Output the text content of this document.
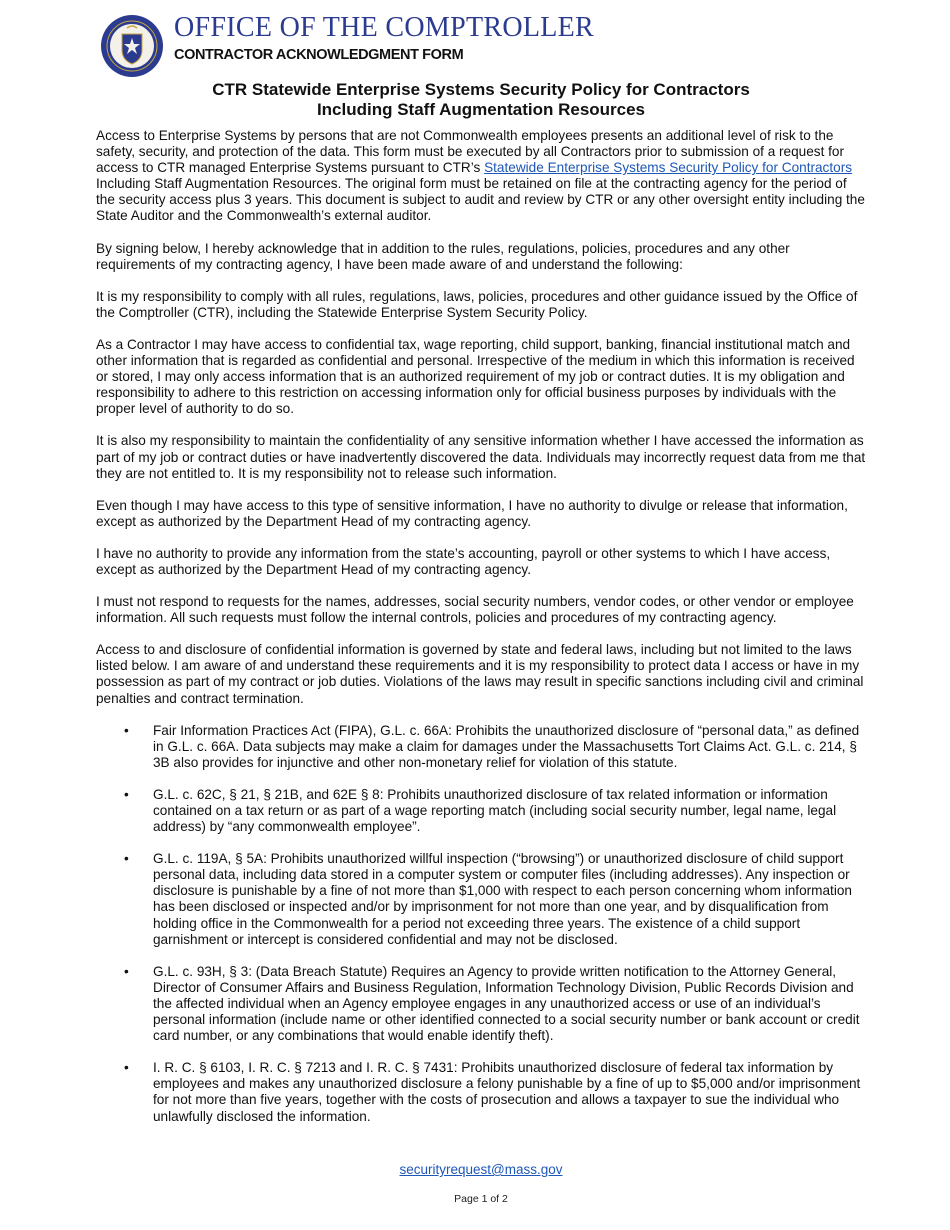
OFFICE OF THE COMPTROLLER
CONTRACTOR ACKNOWLEDGMENT FORM
CTR Statewide Enterprise Systems Security Policy for Contractors
Including Staff Augmentation Resources

Access to Enterprise Systems by persons that are not Commonwealth employees presents an additional level of risk to the safety, security, and protection of the data. This form must be executed by all Contractors prior to submission of a request for access to CTR managed Enterprise Systems pursuant to CTR’s Statewide Enterprise Systems Security Policy for Contractors Including Staff Augmentation Resources. The original form must be retained on file at the contracting agency for the period of the security access plus 3 years. This document is subject to audit and review by CTR or any other oversight entity including the State Auditor and the Commonwealth’s external auditor.

By signing below, I hereby acknowledge that in addition to the rules, regulations, policies, procedures and any other requirements of my contracting agency, I have been made aware of and understand the following:

It is my responsibility to comply with all rules, regulations, laws, policies, procedures and other guidance issued by the Office of the Comptroller (CTR), including the Statewide Enterprise System Security Policy.

As a Contractor I may have access to confidential tax, wage reporting, child support, banking, financial institutional match and other information that is regarded as confidential and personal. Irrespective of the medium in which this information is received or stored, I may only access information that is an authorized requirement of my job or contract duties. It is my obligation and responsibility to adhere to this restriction on accessing information only for official business purposes by individuals with the proper level of authority to do so.

It is also my responsibility to maintain the confidentiality of any sensitive information whether I have accessed the information as part of my job or contract duties or have inadvertently discovered the data. Individuals may incorrectly request data from me that they are not entitled to. It is my responsibility not to release such information.

Even though I may have access to this type of sensitive information, I have no authority to divulge or release that information, except as authorized by the Department Head of my contracting agency.

I have no authority to provide any information from the state’s accounting, payroll or other systems to which I have access, except as authorized by the Department Head of my contracting agency.

I must not respond to requests for the names, addresses, social security numbers, vendor codes, or other vendor or employee information. All such requests must follow the internal controls, policies and procedures of my contracting agency.

Access to and disclosure of confidential information is governed by state and federal laws, including but not limited to the laws listed below. I am aware of and understand these requirements and it is my responsibility to protect data I access or have in my possession as part of my contract or job duties. Violations of the laws may result in specific sanctions including civil and criminal penalties and contract termination.

• Fair Information Practices Act (FIPA), G.L. c. 66A: Prohibits the unauthorized disclosure of “personal data,” as defined in G.L. c. 66A. Data subjects may make a claim for damages under the Massachusetts Tort Claims Act. G.L. c. 214, § 3B also provides for injunctive and other non-monetary relief for violation of this statute.
• G.L. c. 62C, § 21, § 21B, and 62E § 8: Prohibits unauthorized disclosure of tax related information or information contained on a tax return or as part of a wage reporting match (including social security number, legal name, legal address) by “any commonwealth employee”.
• G.L. c. 119A, § 5A: Prohibits unauthorized willful inspection (“browsing”) or unauthorized disclosure of child support personal data, including data stored in a computer system or computer files (including addresses). Any inspection or disclosure is punishable by a fine of not more than $1,000 with respect to each person concerning whom information has been disclosed or inspected and/or by imprisonment for not more than one year, and by disqualification from holding office in the Commonwealth for a period not exceeding three years. The existence of a child support garnishment or intercept is considered confidential and may not be disclosed.
• G.L. c. 93H, § 3: (Data Breach Statute) Requires an Agency to provide written notification to the Attorney General, Director of Consumer Affairs and Business Regulation, Information Technology Division, Public Records Division and the affected individual when an Agency employee engages in any unauthorized access or use of an individual’s personal information (include name or other identified connected to a social security number or bank account or credit card number, or any combinations that would enable identify theft).
• I. R. C. § 6103, I. R. C. § 7213 and I. R. C. § 7431: Prohibits unauthorized disclosure of federal tax information by employees and makes any unauthorized disclosure a felony punishable by a fine of up to $5,000 and/or imprisonment for not more than five years, together with the costs of prosecution and allows a taxpayer to sue the individual who unlawfully disclosed the information.
securityrequest@mass.gov
Page 1 of 2
